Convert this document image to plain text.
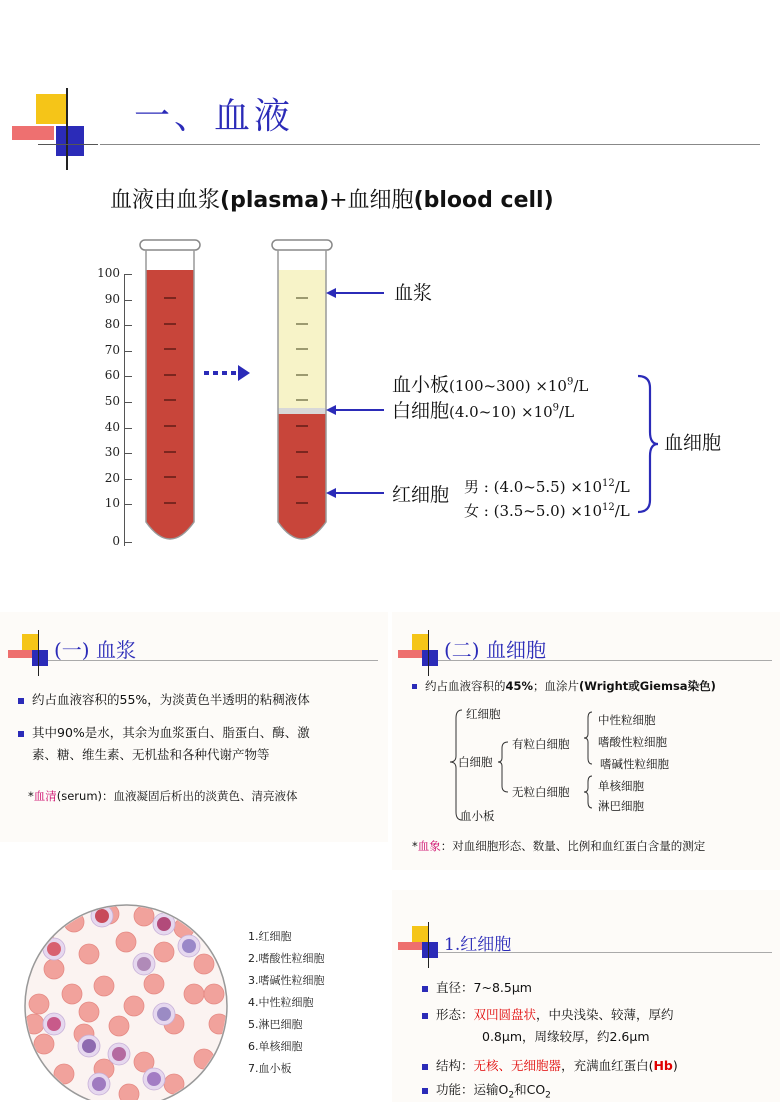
一、血液
血液由血浆(plasma)+血细胞(blood cell)
100
90
80
70
60
50
40
30
20
10
0
血浆
血小板(100~300) $\times 10^9/L$
白细胞(4.0~10) $\times 10^9/L$
红细胞 男 : (4.0~5.5) $\times 10^{12}/L$
女 : (3.5~5.0) $\times 10^{12}/L$
血细胞
(一) 血浆
约占血液容积的55%，为淡黄色半透明的粘稠液体
其中90%是水，其余为血浆蛋白、脂蛋白、酶、激
素、糖、维生素、无机盐和各种代谢产物等
*血清(serum)：血液凝固后析出的淡黄色、清亮液体
(二) 血细胞
约占血液容积的45%；血涂片(Wright或Giemsa染色)
红细胞
白细胞
血小板
有粒白细胞
无粒白细胞
中性粒细胞
嗜酸性粒细胞
嗜碱性粒细胞
单核细胞
淋巴细胞
*血象：对血细胞形态、数量、比例和血红蛋白含量的测定
1.红细胞
2.嗜酸性粒细胞
3.嗜碱性粒细胞
4.中性粒细胞
5.淋巴细胞
6.单核细胞
7.血小板
1.红细胞
直径：7~8.5μm
形态：双凹圆盘状，中央浅染、较薄，厚约
0.8μm，周缘较厚，约2.6μm
结构：无核、无细胞器，充满血红蛋白(Hb)
功能：运输$O_2$和$CO_2$
